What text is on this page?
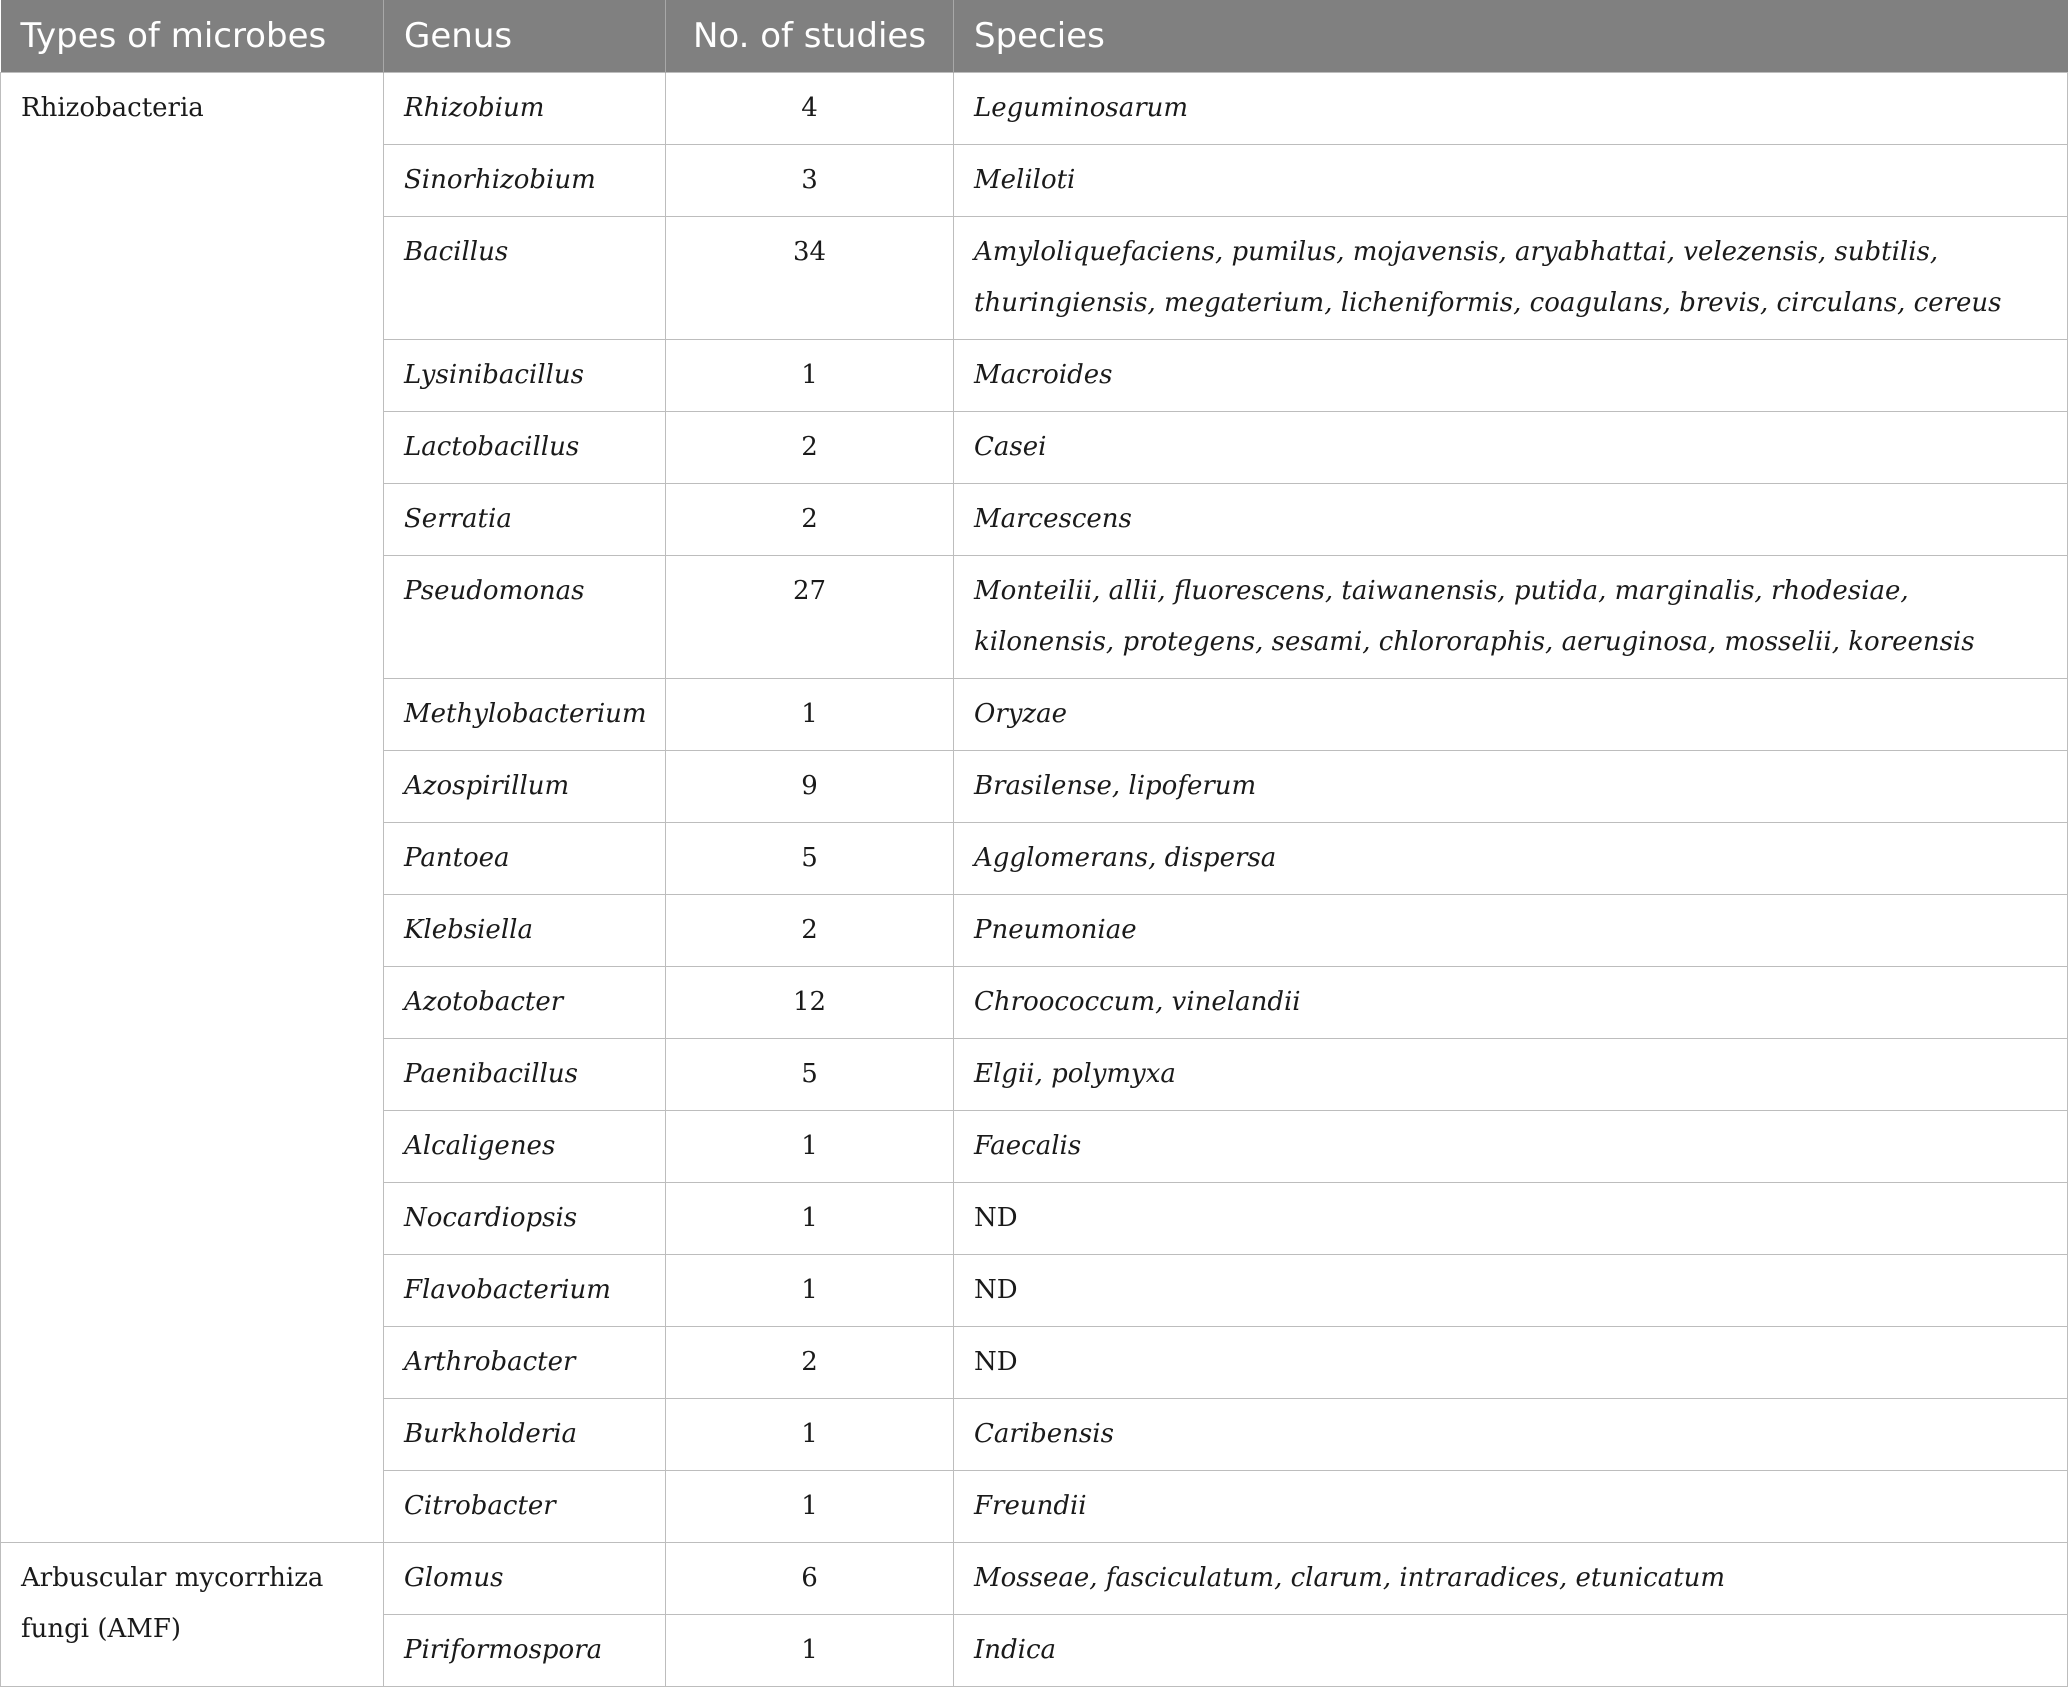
Types of microbes	Genus	No. of studies	Species
Rhizobacteria	Rhizobium	4	Leguminosarum
	Sinorhizobium	3	Meliloti
	Bacillus	34	Amyloliquefaciens, pumilus, mojavensis, aryabhattai, velezensis, subtilis, thuringiensis, megaterium, licheniformis, coagulans, brevis, circulans, cereus
	Lysinibacillus	1	Macroides
	Lactobacillus	2	Casei
	Serratia	2	Marcescens
	Pseudomonas	27	Monteilii, allii, fluorescens, taiwanensis, putida, marginalis, rhodesiae, kilonensis, protegens, sesami, chlororaphis, aeruginosa, mosselii, koreensis
	Methylobacterium	1	Oryzae
	Azospirillum	9	Brasilense, lipoferum
	Pantoea	5	Agglomerans, dispersa
	Klebsiella	2	Pneumoniae
	Azotobacter	12	Chroococcum, vinelandii
	Paenibacillus	5	Elgii, polymyxa
	Alcaligenes	1	Faecalis
	Nocardiopsis	1	ND
	Flavobacterium	1	ND
	Arthrobacter	2	ND
	Burkholderia	1	Caribensis
	Citrobacter	1	Freundii
Arbuscular mycorrhiza fungi (AMF)	Glomus	6	Mosseae, fasciculatum, clarum, intraradices, etunicatum
	Piriformospora	1	Indica
